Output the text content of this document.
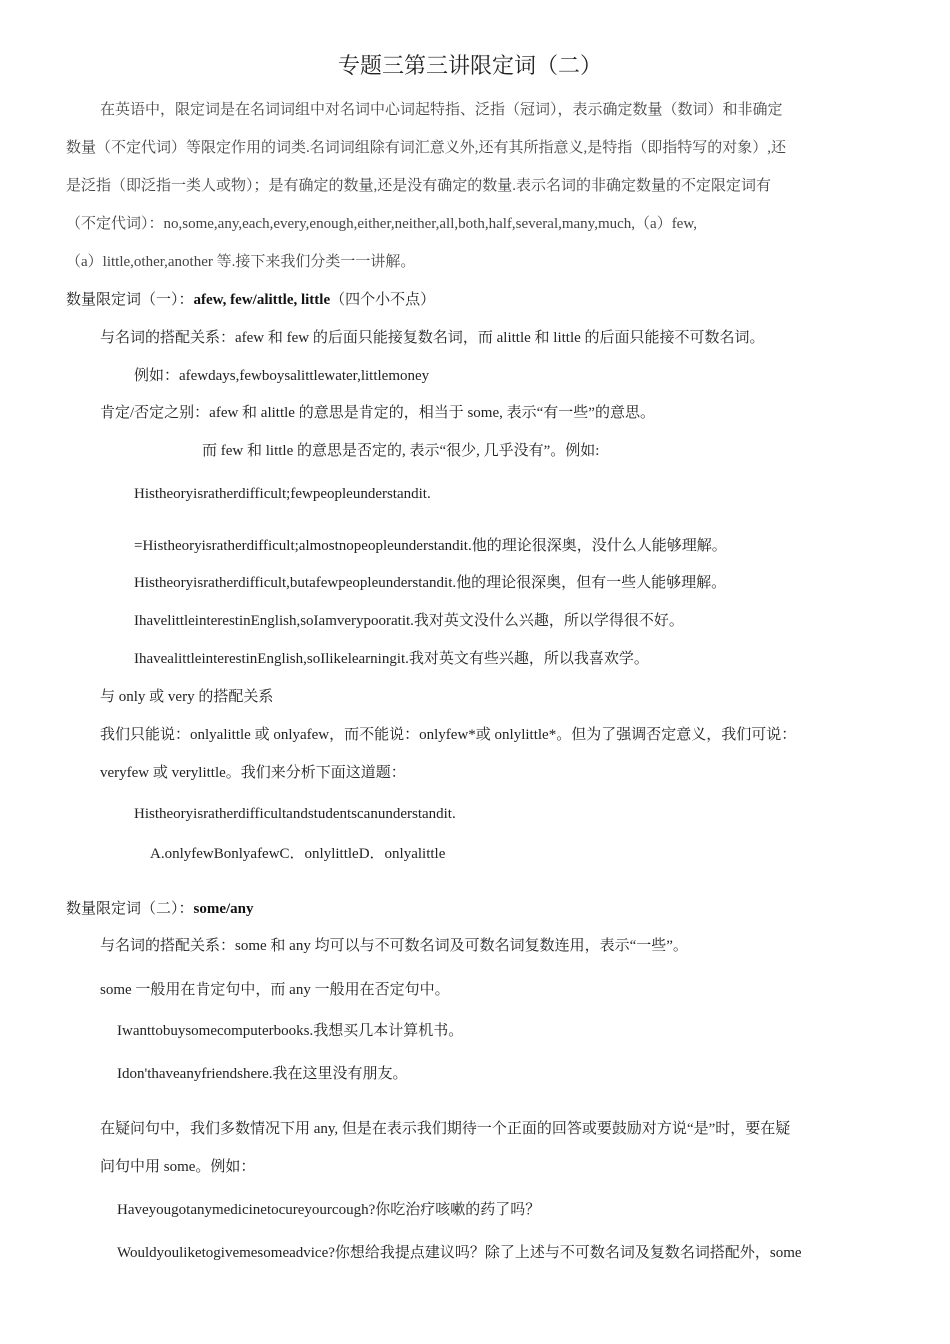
专题三第三讲限定词（二）
在英语中，限定词是在名词词组中对名词中心词起特指、泛指（冠词），表示确定数量（数词）和非确定
数量（不定代词）等限定作用的词类.名词词组除有词汇意义外,还有其所指意义,是特指（即指特写的对象）,还
是泛指（即泛指一类人或物）；是有确定的数量,还是没有确定的数量.表示名词的非确定数量的不定限定词有
（不定代词）：no,some,any,each,every,enough,either,neither,all,both,half,several,many,much,（a）few,
（a）little,other,another 等.接下来我们分类一一讲解。
数量限定词（一）：afew, few/alittle, little（四个小不点）
与名词的搭配关系：afew 和 few 的后面只能接复数名词，而 alittle 和 little 的后面只能接不可数名词。
例如：afewdays,fewboysalittlewater,littlemoney
肯定/否定之别：afew 和 alittle 的意思是肯定的，相当于 some, 表示“有一些”的意思。
而 few 和 little 的意思是否定的, 表示“很少, 几乎没有”。例如:
Histheoryisratherdifficult;fewpeopleunderstandit.
=Histheoryisratherdifficult;almostnopeopleunderstandit.他的理论很深奥，没什么人能够理解。
Histheoryisratherdifficult,butafewpeopleunderstandit.他的理论很深奥，但有一些人能够理解。
IhavelittleinterestinEnglish,soIamverypooratit.我对英文没什么兴趣，所以学得很不好。
IhavealittleinterestinEnglish,soIlikelearningit.我对英文有些兴趣，所以我喜欢学。
与 only 或 very 的搭配关系
我们只能说：onlyalittle 或 onlyafew，而不能说：onlyfew*或 onlylittle*。但为了强调否定意义，我们可说：
veryfew 或 verylittle。我们来分析下面这道题：
Histheoryisratherdifficultandstudentscanunderstandit.
A.onlyfewBonlyafewC．onlylittleD．onlyalittle
数量限定词（二）：some/any
与名词的搭配关系：some 和 any 均可以与不可数名词及可数名词复数连用，表示“一些”。
some 一般用在肯定句中，而 any 一般用在否定句中。
Iwanttobuysomecomputerbooks.我想买几本计算机书。
Idon'thaveanyfriendshere.我在这里没有朋友。
在疑问句中，我们多数情况下用 any, 但是在表示我们期待一个正面的回答或要鼓励对方说“是”时，要在疑
问句中用 some。例如：
Haveyougotanymedicinetocureyourcough?你吃治疗咳嗽的药了吗？
Wouldyouliketogivemesomeadvice?你想给我提点建议吗？除了上述与不可数名词及复数名词搭配外，some
